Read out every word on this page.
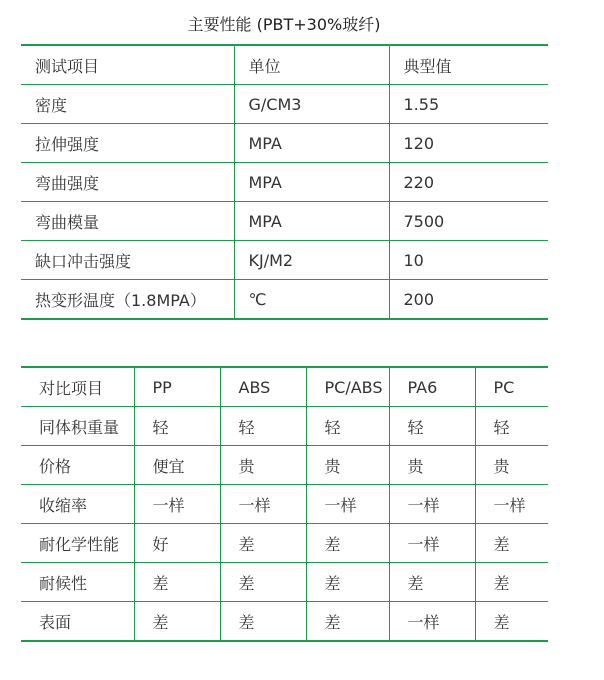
主要性能 (PBT+30%玻纤)
测试项目	单位	典型值
密度	G/CM3	1.55
拉伸强度	MPA	120
弯曲强度	MPA	220
弯曲模量	MPA	7500
缺口冲击强度	KJ/M2	10
热变形温度（1.8MPA）	℃	200
对比项目	PP	ABS	PC/ABS	PA6	PC
同体积重量	轻	轻	轻	轻	轻
价格	便宜	贵	贵	贵	贵
收缩率	一样	一样	一样	一样	一样
耐化学性能	好	差	差	一样	差
耐候性	差	差	差	差	差
表面	差	差	差	一样	差
